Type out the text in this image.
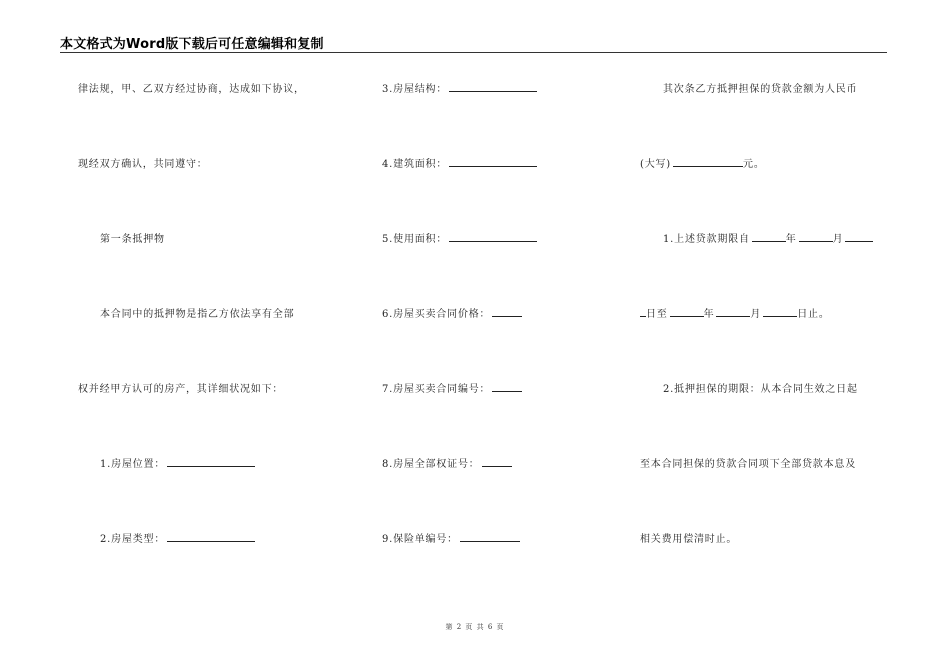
本文格式为Word版下载后可任意编辑和复制
律法规，甲、乙双方经过协商，达成如下协议，
现经双方确认，共同遵守：
第一条抵押物
本合同中的抵押物是指乙方依法享有全部
权并经甲方认可的房产，其详细状况如下：
1.房屋位置：
2.房屋类型：
3.房屋结构：
4.建筑面积：
5.使用面积：
6.房屋买卖合同价格：
7.房屋买卖合同编号：
8.房屋全部权证号：
9.保险单编号：
其次条乙方抵押担保的贷款金额为人民币
(大写)	元。
1.上述贷款期限自	年	月
日至	年	月	日止。
2.抵押担保的期限：从本合同生效之日起
至本合同担保的贷款合同项下全部贷款本息及
相关费用偿清时止。
第 2 页 共 6 页
